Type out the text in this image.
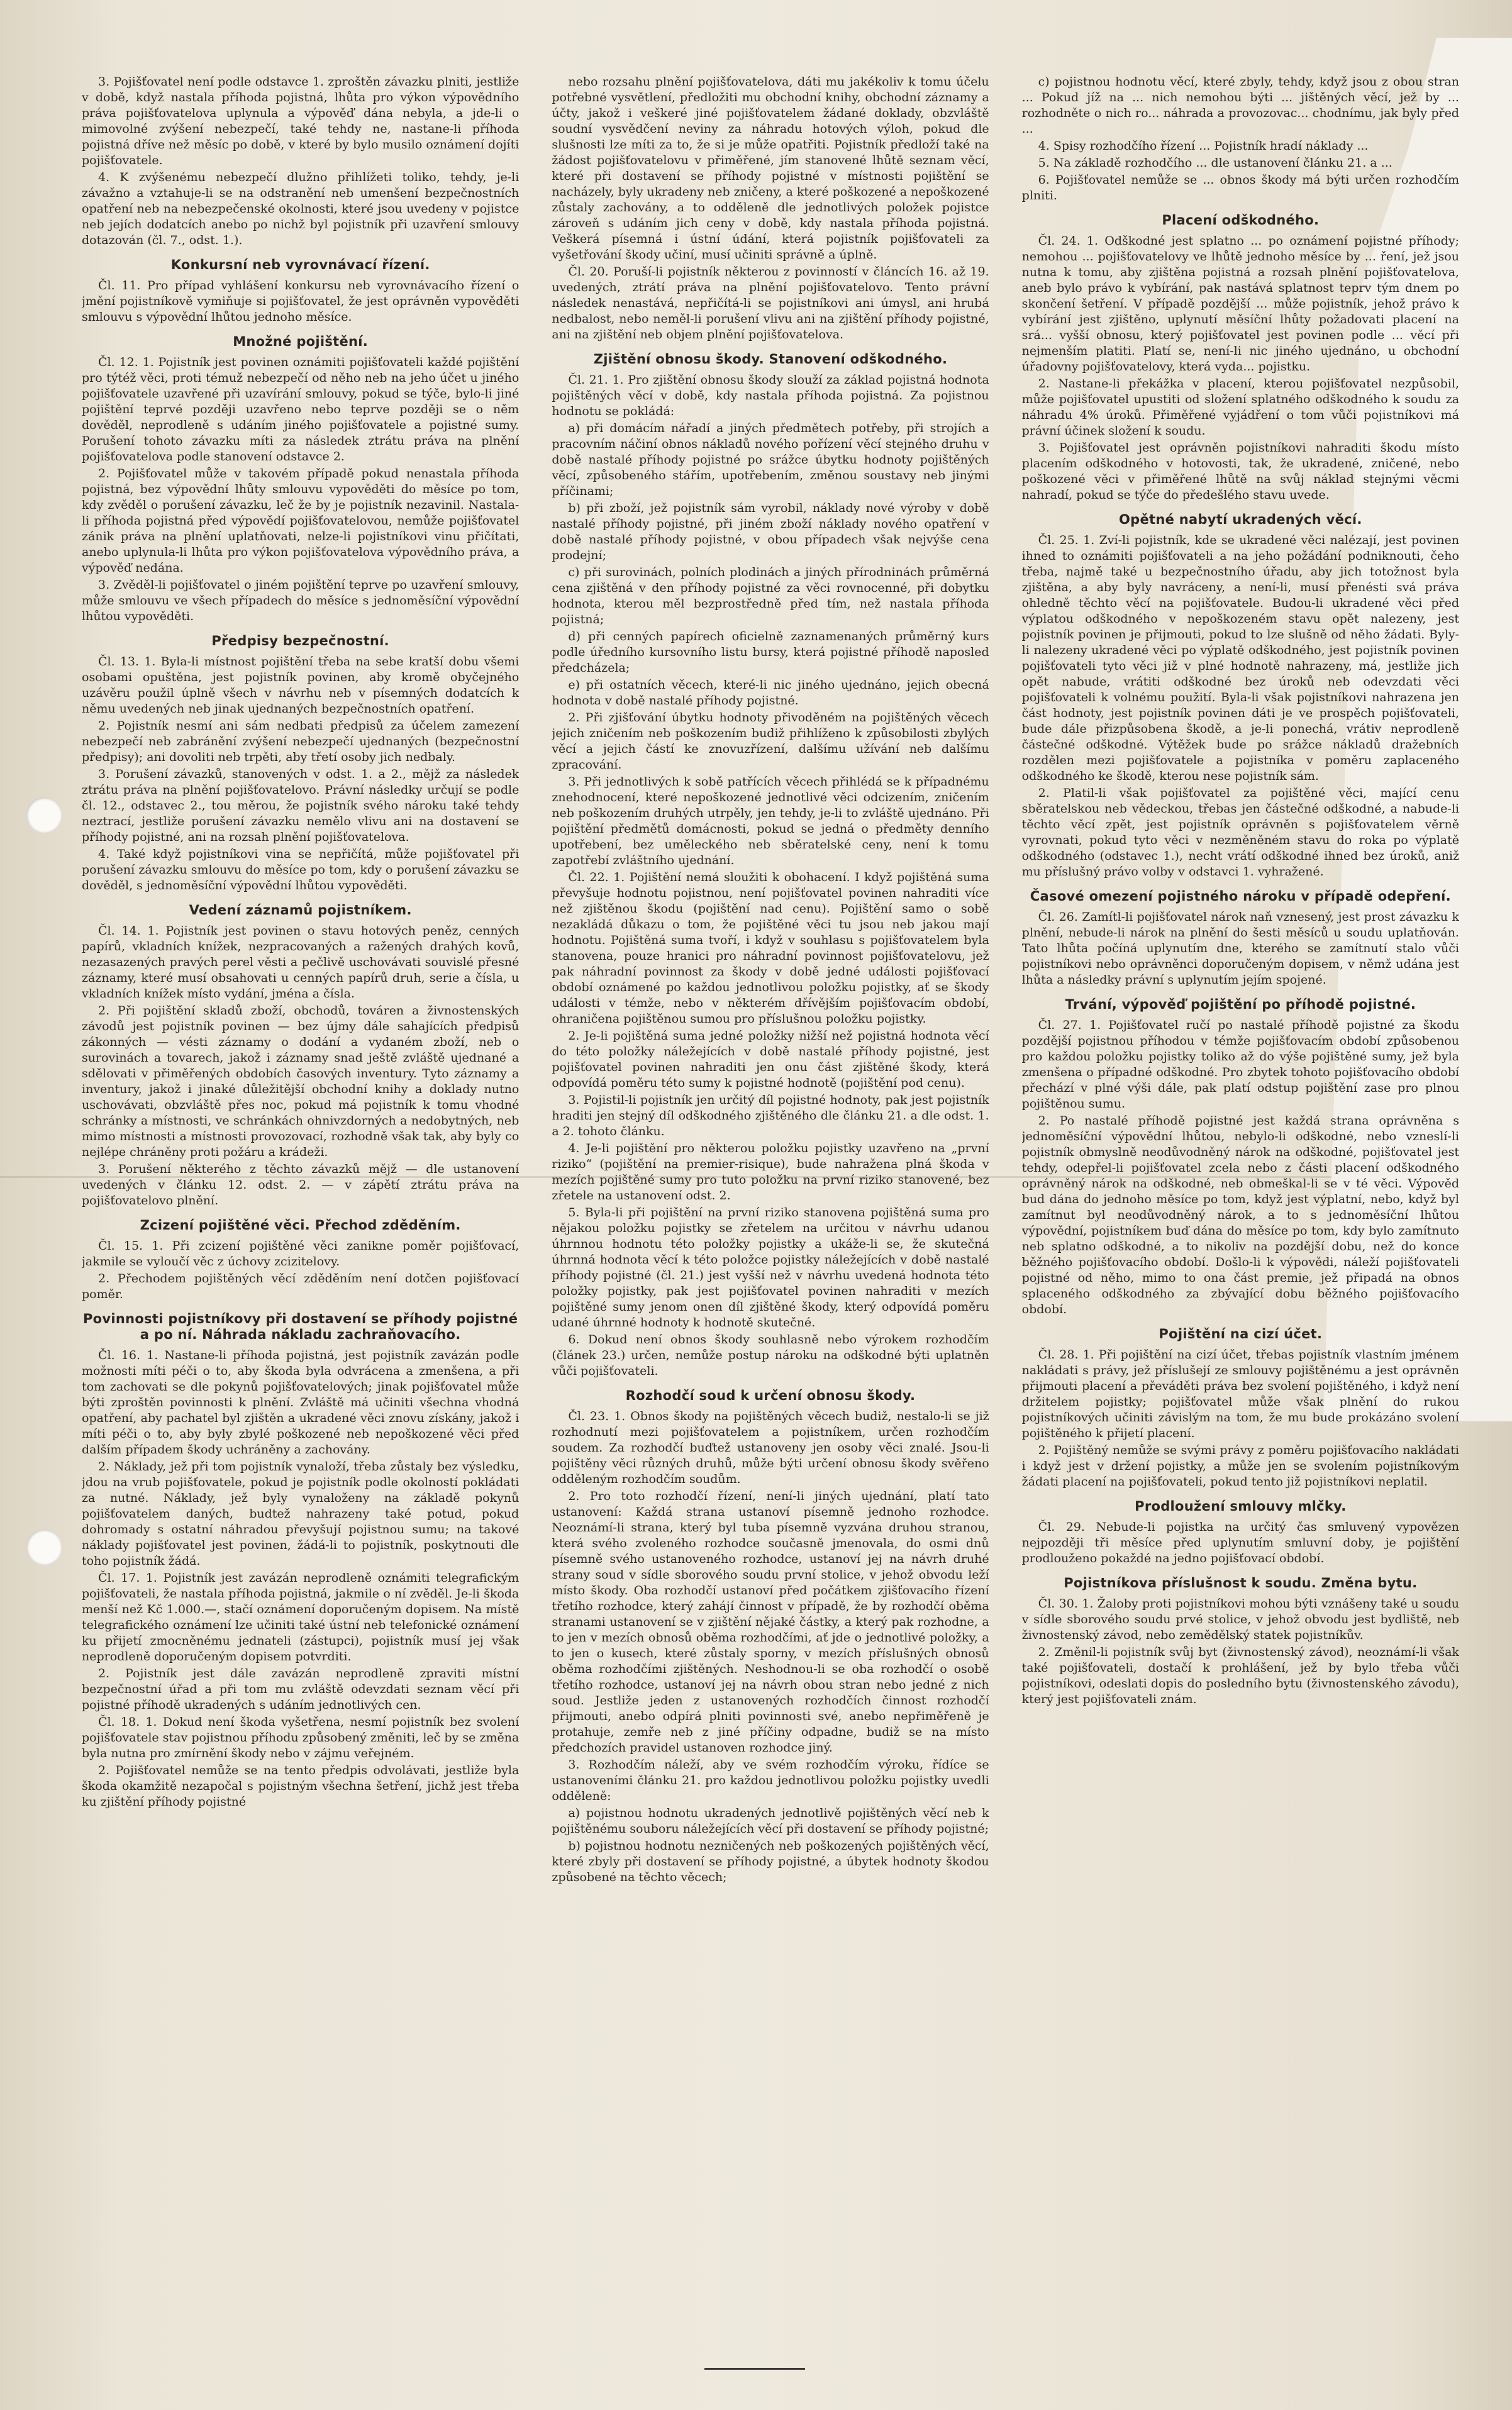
3. Pojišťovatel není podle odstavce 1. zproštěn závazku plniti, jestliže v době, když nastala příhoda pojistná, lhůta pro výkon výpovědního práva pojišťovatelova uplynula a výpověď dána nebyla, a jde-li o mimovolné zvýšení nebezpečí, také tehdy ne, nastane-li příhoda pojistná dříve než měsíc po době, v které by bylo musilo oznámení dojíti pojišťovatele.

4. K zvýšenému nebezpečí dlužno přihlížeti toliko, tehdy, je-li závažno a vztahuje-li se na odstranění neb umenšení bezpečnostních opatření neb na nebezpečenské okolnosti, které jsou uvedeny v pojistce neb jejích dodatcích anebo po nichž byl pojistník při uzavření smlouvy dotazován (čl. 7., odst. 1.).

Konkursní neb vyrovnávací řízení.

Čl. 11. Pro případ vyhlášení konkursu neb vyrovnávacího řízení o jmění pojistníkově vymiňuje si pojišťovatel, že jest oprávněn vypověděti smlouvu s výpovědní lhůtou jednoho měsíce.

Množné pojištění.

Čl. 12. 1. Pojistník jest povinen oznámiti pojišťovateli každé pojištění pro týtéž věci, proti témuž nebezpečí od něho neb na jeho účet u jiného pojišťovatele uzavřené při uzavírání smlouvy, pokud se týče, bylo-li jiné pojištění teprvé později uzavřeno nebo teprve později se o něm dověděl, neprodleně s udáním jiného pojišťovatele a pojistné sumy. Porušení tohoto závazku míti za následek ztrátu práva na plnění pojišťovatelova podle stanovení odstavce 2.

2. Pojišťovatel může v takovém případě pokud nenastala příhoda pojistná, bez výpovědní lhůty smlouvu vypověděti do měsíce po tom, kdy zvěděl o porušení závazku, leč že by je pojistník nezavinil. Nastala-li příhoda pojistná před výpovědí pojišťovatelovou, nemůže pojišťovatel zánik práva na plnění uplatňovati, nelze-li pojistníkovi vinu přičítati, anebo uplynula-li lhůta pro výkon pojišťovatelova výpovědního práva, a výpověď nedána.

3. Zvěděl-li pojišťovatel o jiném pojištění teprve po uzavření smlouvy, může smlouvu ve všech případech do měsíce s jednoměsíční výpovědní lhůtou vypověděti.

Předpisy bezpečnostní.

Čl. 13. 1. Byla-li místnost pojištění třeba na sebe kratší dobu všemi osobami opuštěna, jest pojistník povinen, aby kromě obyčejného uzávěru použil úplně všech v návrhu neb v písemných dodatcích k němu uvedených neb jinak ujednaných bezpečnostních opatření.

2. Pojistník nesmí ani sám nedbati předpisů za účelem zamezení nebezpečí neb zabránění zvýšení nebezpečí ujednaných (bezpečnostní předpisy); ani dovoliti neb trpěti, aby třetí osoby jich nedbaly.

3. Porušení závazků, stanovených v odst. 1. a 2., mějž za následek ztrátu práva na plnění pojišťovatelovo. Právní následky určují se podle čl. 12., odstavec 2., tou měrou, že pojistník svého nároku také tehdy neztrací, jestliže porušení závazku nemělo vlivu ani na dostavení se příhody pojistné, ani na rozsah plnění pojišťovatelova.

4. Také když pojistníkovi vina se nepřičítá, může pojišťovatel při porušení závazku smlouvu do měsíce po tom, kdy o porušení závazku se dověděl, s jednoměsíční výpovědní lhůtou vypověděti.

Vedení záznamů pojistníkem.

Čl. 14. 1. Pojistník jest povinen o stavu hotových peněz, cenných papírů, vkladních knížek, nezpracovaných a ražených drahých kovů, nezasazených pravých perel věsti a pečlivě uschovávati souvislé přesné záznamy, které musí obsahovati u cenných papírů druh, serie a čísla, u vkladních knížek místo vydání, jména a čísla.

2. Při pojištění skladů zboží, obchodů, továren a živnostenských závodů jest pojistník povinen — bez újmy dále sahajících předpisů zákonných — vésti záznamy o dodání a vydaném zboží, neb o surovinách a tovarech, jakož i záznamy snad ještě zvláště ujednané a sdělovati v přiměřených obdobích časových inventury. Tyto záznamy a inventury, jakož i jinaké důležitější obchodní knihy a doklady nutno uschovávati, obzvláště přes noc, pokud má pojistník k tomu vhodné schránky a místnosti, ve schránkách ohnivzdorných a nedobytných, neb mimo místnosti a místnosti provozovací, rozhodně však tak, aby byly co nejlépe chráněny proti požáru a krádeži.

3. Porušení některého z těchto závazků mějž — dle ustanovení uvedených v článku 12. odst. 2. — v zápětí ztrátu práva na pojišťovatelovo plnění.

Zcizení pojištěné věci. Přechod zděděním.

Čl. 15. 1. Při zcizení pojištěné věci zanikne poměr pojišťovací, jakmile se vyloučí věc z úchovy zcizitelovy.

2. Přechodem pojištěných věcí zděděním není dotčen pojišťovací poměr.

Povinnosti pojistníkovy při dostavení se příhody pojistné a po ní. Náhrada nákladu zachraňovacího.

Čl. 16. 1. Nastane-li příhoda pojistná, jest pojistník zavázán podle možnosti míti péči o to, aby škoda byla odvrácena a zmenšena, a při tom zachovati se dle pokynů pojišťovatelových; jinak pojišťovatel může býti zproštěn povinnosti k plnění. Zvláště má učiniti všechna vhodná opatření, aby pachatel byl zjištěn a ukradené věci znovu získány, jakož i míti péči o to, aby byly zbylé poškozené neb nepoškozené věci před dalším případem škody uchráněny a zachovány.

2. Náklady, jež při tom pojistník vynaloží, třeba zůstaly bez výsledku, jdou na vrub pojišťovatele, pokud je pojistník podle okolností pokládati za nutné. Náklady, jež byly vynaloženy na základě pokynů pojišťovatelem daných, budtež nahrazeny také potud, pokud dohromady s ostatní náhradou převyšují pojistnou sumu; na takové náklady pojišťovatel jest povinen, žádá-li to pojistník, poskytnouti dle toho pojistník žádá.

Čl. 17. 1. Pojistník jest zavázán neprodleně oznámiti telegrafickým pojišťovateli, že nastala příhoda pojistná, jakmile o ní zvěděl. Je-li škoda menší než Kč 1.000.—, stačí oznámení doporučeným dopisem. Na místě telegrafického oznámení lze učiniti také ústní neb telefonické oznámení ku přijetí zmocněnému jednateli (zástupci), pojistník musí jej však neprodleně doporučeným dopisem potvrditi.

2. Pojistník jest dále zavázán neprodleně zpraviti místní bezpečnostní úřad a při tom mu zvláště odevzdati seznam věcí při pojistné příhodě ukradených s udáním jednotlivých cen.

Čl. 18. 1. Dokud není škoda vyšetřena, nesmí pojistník bez svolení pojišťovatele stav pojistnou příhodu způsobený změniti, leč by se změna byla nutna pro zmírnění škody nebo v zájmu veřejném.

2. Pojišťovatel nemůže se na tento předpis odvolávati, jestliže byla škoda okamžitě nezapočal s pojistným všechna šetření, jichž jest třeba ku zjištění příhody pojistné

nebo rozsahu plnění pojišťovatelova, dáti mu jakékoliv k tomu účelu potřebné vysvětlení, předložiti mu obchodní knihy, obchodní záznamy a účty, jakož i veškeré jiné pojišťovatelem žádané doklady, obzvláště soudní vysvědčení neviny za náhradu hotových výloh, pokud dle slušnosti lze míti za to, že si je může opatřiti. Pojistník předloží také na žádost pojišťovatelovu v přiměřené, jím stanovené lhůtě seznam věcí, které při dostavení se příhody pojistné v místnosti pojištění se nacházely, byly ukradeny neb zničeny, a které poškozené a nepoškozené zůstaly zachovány, a to odděleně dle jednotlivých položek pojistce zároveň s udáním jich ceny v době, kdy nastala příhoda pojistná. Veškerá písemná i ústní údání, která pojistník pojišťovateli za vyšetřování škody učiní, musí učiniti správně a úplně.

Čl. 20. Poruší-li pojistník některou z povinností v článcích 16. až 19. uvedených, ztrátí práva na plnění pojišťovatelovo. Tento právní následek nenastává, nepřičítá-li se pojistníkovi ani úmysl, ani hrubá nedbalost, nebo neměl-li porušení vlivu ani na zjištění příhody pojistné, ani na zjištění neb objem plnění pojišťovatelova.

Zjištění obnosu škody. Stanovení odškodného.

Čl. 21. 1. Pro zjištění obnosu škody slouží za základ pojistná hodnota pojištěných věcí v době, kdy nastala příhoda pojistná. Za pojistnou hodnotu se pokládá:

a) při domácím nářadí a jiných předmětech potřeby, při strojích a pracovním náčiní obnos nákladů nového pořízení věcí stejného druhu v době nastalé příhody pojistné po srážce úbytku hodnoty pojištěných věcí, způsobeného stářím, upotřebením, změnou soustavy neb jinými příčinami;

b) při zboží, jež pojistník sám vyrobil, náklady nové výroby v době nastalé příhody pojistné, při jiném zboží náklady nového opatření v době nastalé příhody pojistné, v obou případech však nejvýše cena prodejní;

c) při surovinách, polních plodinách a jiných přírodninách průměrná cena zjištěná v den příhody pojistné za věci rovnocenné, při dobytku hodnota, kterou měl bezprostředně před tím, než nastala příhoda pojistná;

d) při cenných papírech oficielně zaznamenaných průměrný kurs podle úředního kursovního listu bursy, která pojistné příhodě naposled předcházela;

e) při ostatních věcech, které-li nic jiného ujednáno, jejich obecná hodnota v době nastalé příhody pojistné.

2. Při zjišťování úbytku hodnoty přivoděném na pojištěných věcech jejich zničením neb poškozením budiž přihlíženo k způsobilosti zbylých věcí a jejich částí ke znovuzřízení, dalšímu užívání neb dalšímu zpracování.

3. Při jednotlivých k sobě patřících věcech přihlédá se k případnému znehodnocení, které nepoškozené jednotlivé věci odcizením, zničením neb poškozením druhých utrpěly, jen tehdy, je-li to zvláště ujednáno. Při pojištění předmětů domácnosti, pokud se jedná o předměty denního upotřebení, bez uměleckého neb sběratelské ceny, není k tomu zapotřebí zvláštního ujednání.

Čl. 22. 1. Pojištění nemá sloužiti k obohacení. I když pojištěná suma převyšuje hodnotu pojistnou, není pojišťovatel povinen nahraditi více než zjištěnou škodu (pojištění nad cenu). Pojištění samo o sobě nezakládá důkazu o tom, že pojištěné věci tu jsou neb jakou mají hodnotu. Pojištěná suma tvoří, i když v souhlasu s pojišťovatelem byla stanovena, pouze hranici pro náhradní povinnost pojišťovatelovu, jež pak náhradní povinnost za škody v době jedné události pojišťovací období oznámené po každou jednotlivou položku pojistky, ať se škody události v témže, nebo v některém dřívějším pojišťovacím období, ohraničena pojištěnou sumou pro příslušnou položku pojistky.

2. Je-li pojištěná suma jedné položky nižší než pojistná hodnota věcí do této položky náležejících v době nastalé příhody pojistné, jest pojišťovatel povinen nahraditi jen onu část zjištěné škody, která odpovídá poměru této sumy k pojistné hodnotě (pojištění pod cenu).

3. Pojistil-li pojistník jen určitý díl pojistné hodnoty, pak jest pojistník hraditi jen stejný díl odškodného zjištěného dle článku 21. a dle odst. 1. a 2. tohoto článku.

4. Je-li pojištění pro některou položku pojistky uzavřeno na „první riziko“ (pojištění na premier-risique), bude nahražena plná škoda v mezích pojištěné sumy pro tuto položku na první riziko stanovené, bez zřetele na ustanovení odst. 2.

5. Byla-li při pojištění na první riziko stanovena pojištěná suma pro nějakou položku pojistky se zřetelem na určitou v návrhu udanou úhrnnou hodnotu této položky pojistky a ukáže-li se, že skutečná úhrnná hodnota věcí k této položce pojistky náležejících v době nastalé příhody pojistné (čl. 21.) jest vyšší než v návrhu uvedená hodnota této položky pojistky, pak jest pojišťovatel povinen nahraditi v mezích pojištěné sumy jenom onen díl zjištěné škody, který odpovídá poměru udané úhrnné hodnoty k hodnotě skutečné.

6. Dokud není obnos škody souhlasně nebo výrokem rozhodčím (článek 23.) určen, nemůže postup nároku na odškodné býti uplatněn vůči pojišťovateli.

Rozhodčí soud k určení obnosu škody.

Čl. 23. 1. Obnos škody na pojištěných věcech budiž, nestalo-li se již rozhodnutí mezi pojišťovatelem a pojistníkem, určen rozhodčím soudem. Za rozhodčí buďtež ustanoveny jen osoby věci znalé. Jsou-li pojištěny věci různých druhů, může býti určení obnosu škody svěřeno odděleným rozhodčím soudům.

2. Pro toto rozhodčí řízení, není-li jiných ujednání, platí tato ustanovení: Každá strana ustanoví písemně jednoho rozhodce. Neoznámí-li strana, který byl tuba písemně vyzvána druhou stranou, která svého zvoleného rozhodce současně jmenovala, do osmi dnů písemně svého ustanoveného rozhodce, ustanoví jej na návrh druhé strany soud v sídle sborového soudu první stolice, v jehož obvodu leží místo škody. Oba rozhodčí ustanoví před počátkem zjišťovacího řízení třetího rozhodce, který zahájí činnost v případě, že by rozhodčí oběma stranami ustanovení se v zjištění nějaké částky, a který pak rozhodne, a to jen v mezích obnosů oběma rozhodčími, ať jde o jednotlivé položky, a to jen o kusech, které zůstaly sporny, v mezích příslušných obnosů oběma rozhodčími zjištěných. Neshodnou-li se oba rozhodčí o osobě třetího rozhodce, ustanoví jej na návrh obou stran nebo jedné z nich soud. Jestliže jeden z ustanovených rozhodčích činnost rozhodčí přijmouti, anebo odpírá plniti povinnosti své, anebo nepřiměřeně je protahuje, zemře neb z jiné příčiny odpadne, budiž se na místo předchozích pravidel ustanoven rozhodce jiný.

3. Rozhodčím náleží, aby ve svém rozhodčím výroku, řídíce se ustanoveními článku 21. pro každou jednotlivou položku pojistky uvedli odděleně:

a) pojistnou hodnotu ukradených jednotlivě pojištěných věcí neb k pojištěnému souboru náležejících věcí při dostavení se příhody pojistné;

b) pojistnou hodnotu nezničených neb poškozených pojištěných věcí, které zbyly při dostavení se příhody pojistné, a úbytek hodnoty škodou způsobené na těchto věcech;

c) pojistnou hodnotu věcí, které zbyly, tehdy, když jsou z obou stran ... Pokud jíž na ... nich nemohou býti ... jištěných věcí, jež by ... rozhodněte o nich ro... náhrada a provozovac... chodnímu, jak byly před ...

4. Spisy rozhodčího řízení ... Pojistník hradí náklady ...

5. Na základě rozhodčího ... dle ustanovení článku 21. a ...

6. Pojišťovatel nemůže se ... obnos škody má býti určen rozhodčím plniti.

Placení odškodného.

Čl. 24. 1. Odškodné jest splatno ... po oznámení pojistné příhody; nemohou ... pojišťovatelovy ve lhůtě jednoho měsíce by ... ření, jež jsou nutna k tomu, aby zjištěna pojistná a rozsah plnění pojišťovatelova, aneb bylo právo k vybírání, pak nastává splatnost teprv tým dnem po skončení šetření. V případě pozdější ... může pojistník, jehož právo k vybírání jest zjištěno, uplynutí měsíční lhůty požadovati placení na srá... vyšší obnosu, který pojišťovatel jest povinen podle ... věcí při nejmenším platiti. Platí se, není-li nic jiného ujednáno, u obchodní úřadovny pojišťovatelovy, která vyda... pojistku.

2. Nastane-li překážka v placení, kterou pojišťovatel nezpůsobil, může pojišťovatel upustiti od složení splatného odškodného k soudu za náhradu 4% úroků. Přiměřené vyjádření o tom vůči pojistníkovi má právní účinek složení k soudu.

3. Pojišťovatel jest oprávněn pojistníkovi nahraditi škodu místo placením odškodného v hotovosti, tak, že ukradené, zničené, nebo poškozené věci v přiměřené lhůtě na svůj náklad stejnými věcmi nahradí, pokud se týče do předešlého stavu uvede.

Opětné nabytí ukradených věcí.

Čl. 25. 1. Zví-li pojistník, kde se ukradené věci nalézají, jest povinen ihned to oznámiti pojišťovateli a na jeho požádání podniknouti, čeho třeba, najmě také u bezpečnostního úřadu, aby jich totožnost byla zjištěna, a aby byly navráceny, a není-li, musí přenésti svá práva ohledně těchto věcí na pojišťovatele. Budou-li ukradené věci před výplatou odškodného v nepoškozeném stavu opět nalezeny, jest pojistník povinen je přijmouti, pokud to lze slušně od něho žádati. Byly-li nalezeny ukradené věci po výplatě odškodného, jest pojistník povinen pojišťovateli tyto věci již v plné hodnotě nahrazeny, má, jestliže jich opět nabude, vrátiti odškodné bez úroků neb odevzdati věci pojišťovateli k volnému použití. Byla-li však pojistníkovi nahrazena jen část hodnoty, jest pojistník povinen dáti je ve prospěch pojišťovateli, bude dále přizpůsobena škodě, a je-li ponechá, vrátiv neprodleně částečné odškodné. Výtěžek bude po srážce nákladů dražebních rozdělen mezi pojišťovatele a pojistníka v poměru zaplaceného odškodného ke škodě, kterou nese pojistník sám.

2. Platil-li však pojišťovatel za pojištěné věci, mající cenu sběratelskou neb vědeckou, třebas jen částečné odškodné, a nabude-li těchto věcí zpět, jest pojistník oprávněn s pojišťovatelem věrně vyrovnati, pokud tyto věci v nezměněném stavu do roka po výplatě odškodného (odstavec 1.), necht vrátí odškodné ihned bez úroků, aniž mu příslušný právo volby v odstavci 1. vyhražené.

Časové omezení pojistného nároku v případě odepření.

Čl. 26. Zamítl-li pojišťovatel nárok naň vznesený, jest prost závazku k plnění, nebude-li nárok na plnění do šesti měsíců u soudu uplatňován. Tato lhůta počíná uplynutím dne, kterého se zamítnutí stalo vůči pojistníkovi nebo oprávněnci doporučeným dopisem, v němž udána jest lhůta a následky právní s uplynutím jejím spojené.

Trvání, výpověď pojištění po příhodě pojistné.

Čl. 27. 1. Pojišťovatel ručí po nastalé příhodě pojistné za škodu pozdější pojistnou příhodou v témže pojišťovacím období způsobenou pro každou položku pojistky toliko až do výše pojištěné sumy, jež byla zmenšena o případné odškodné. Pro zbytek tohoto pojišťovacího období přechází v plné výši dále, pak platí odstup pojištění zase pro plnou pojištěnou sumu.

2. Po nastalé příhodě pojistné jest každá strana oprávněna s jednoměsíční výpovědní lhůtou, nebylo-li odškodné, nebo vzneslí-li pojistník obmyslně neodůvodněný nárok na odškodné, pojišťovatel jest tehdy, odepřel-li pojišťovatel zcela nebo z části placení odškodného oprávněný nárok na odškodné, neb obmeškal-li se v té věci. Výpověď bud dána do jednoho měsíce po tom, když jest výplatní, nebo, když byl zamítnut byl neodůvodněný nárok, a to s jednoměsíční lhůtou výpovědní, pojistníkem buď dána do měsíce po tom, kdy bylo zamítnuto neb splatno odškodné, a to nikoliv na pozdější dobu, než do konce běžného pojišťovacího období. Došlo-li k výpovědi, náleží pojišťovateli pojistné od něho, mimo to ona část premie, jež připadá na obnos splaceného odškodného za zbývající dobu běžného pojišťovacího období.

Pojištění na cizí účet.

Čl. 28. 1. Při pojištění na cizí účet, třebas pojistník vlastním jménem nakládati s právy, jež příslušejí ze smlouvy pojištěnému a jest oprávněn přijmouti placení a převáděti práva bez svolení pojištěného, i když není držitelem pojistky; pojišťovatel může však plnění do rukou pojistníkových učiniti závislým na tom, že mu bude prokázáno svolení pojištěného k přijetí placení.

2. Pojištěný nemůže se svými právy z poměru pojišťovacího nakládati i když jest v držení pojistky, a může jen se svolením pojistníkovým žádati placení na pojišťovateli, pokud tento již pojistníkovi neplatil.

Prodloužení smlouvy mlčky.

Čl. 29. Nebude-li pojistka na určitý čas smluvený vypovězen nejpozději tři měsíce před uplynutím smluvní doby, je pojištění prodlouženo pokaždé na jedno pojišťovací období.

Pojistníkova příslušnost k soudu. Změna bytu.

Čl. 30. 1. Žaloby proti pojistníkovi mohou býti vznášeny také u soudu v sídle sborového soudu prvé stolice, v jehož obvodu jest bydliště, neb živnostenský závod, nebo zemědělský statek pojistníkův.

2. Změnil-li pojistník svůj byt (živnostenský závod), neoznámí-li však také pojišťovateli, dostačí k prohlášení, jež by bylo třeba vůči pojistníkovi, odeslati dopis do posledního bytu (živnostenského závodu), který jest pojišťovateli znám.
